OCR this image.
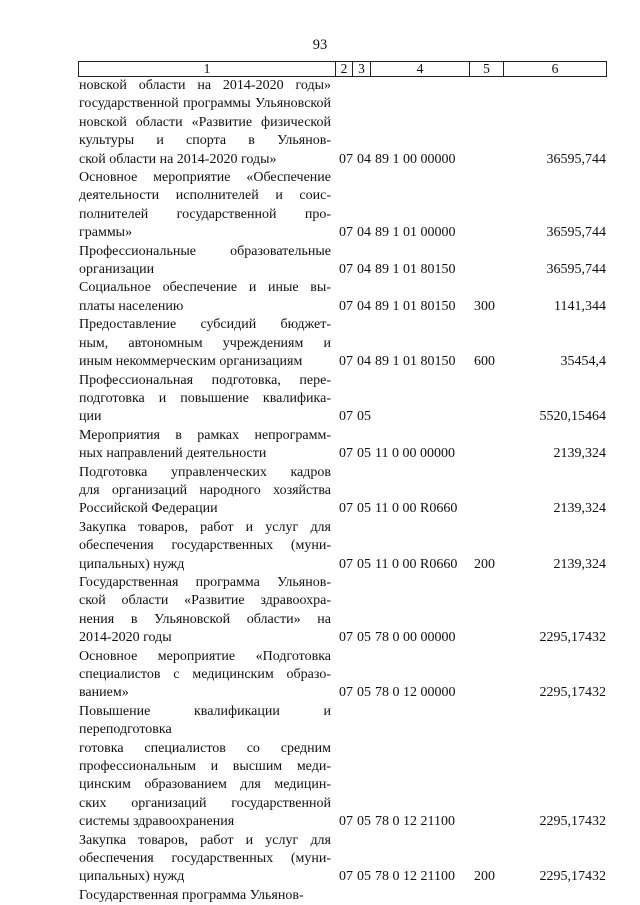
93
1	2	3	4	5	6
новской области на 2014-2020 годы»
государственной программы Ульяновской
новской области «Развитие физической
культуры и спорта в Ульянов-
ской области на 2014-2020 годы»	07 04 89 1 00 00000	36595,744
Основное мероприятие «Обеспечение
деятельности исполнителей и соис-
полнителей государственной про-
граммы»	07 04 89 1 01 00000	36595,744
Профессиональные образовательные
организации	07 04 89 1 01 80150	36595,744
Социальное обеспечение и иные вы-
платы населению	07 04 89 1 01 80150 300	1141,344
Предоставление субсидий бюджет-
ным, автономным учреждениям и
иным некоммерческим организациям	07 04 89 1 01 80150 600	35454,4
Профессиональная подготовка, пере-
подготовка и повышение квалифика-
ции	07 05	5520,15464
Мероприятия в рамках непрограмм-
ных направлений деятельности	07 05 11 0 00 00000	2139,324
Подготовка управленческих кадров
для организаций народного хозяйства
Российской Федерации	07 05 11 0 00 R0660	2139,324
Закупка товаров, работ и услуг для
обеспечения государственных (муни-
ципальных) нужд	07 05 11 0 00 R0660 200	2139,324
Государственная программа Ульянов-
ской области «Развитие здравоохра-
нения в Ульяновской области» на
2014-2020 годы	07 05 78 0 00 00000	2295,17432
Основное мероприятие «Подготовка
специалистов с медицинским образо-
ванием»	07 05 78 0 12 00000	2295,17432
Повышение квалификации и переподготовка
готовка специалистов со средним
профессиональным и высшим меди-
цинским образованием для медицин-
ских организаций государственной
системы здравоохранения	07 05 78 0 12 21100	2295,17432
Закупка товаров, работ и услуг для
обеспечения государственных (муни-
ципальных) нужд	07 05 78 0 12 21100 200	2295,17432
Государственная программа Ульянов-
